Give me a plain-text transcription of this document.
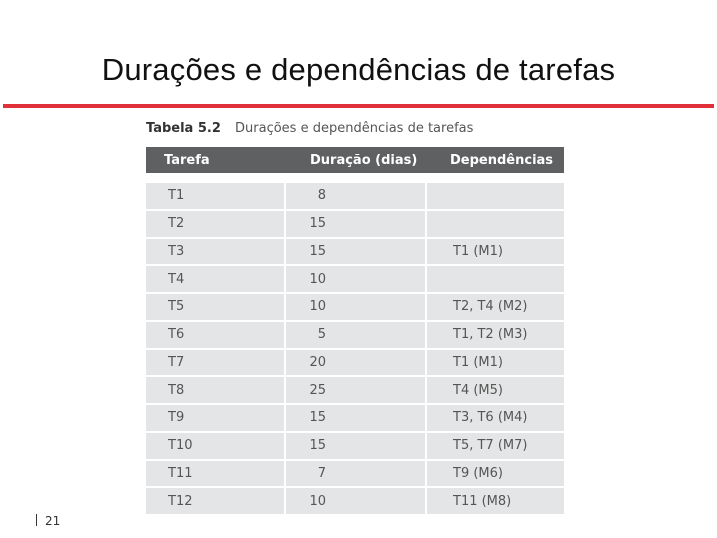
Durações e dependências de tarefas
Tabela 5.2 Durações e dependências de tarefas
Tarefa	Duração (dias)	Dependências
T1	8
T2	15
T3	15	T1 (M1)
T4	10
T5	10	T2, T4 (M2)
T6	5	T1, T2 (M3)
T7	20	T1 (M1)
T8	25	T4 (M5)
T9	15	T3, T6 (M4)
T10	15	T5, T7 (M7)
T11	7	T9 (M6)
T12	10	T11 (M8)
21
